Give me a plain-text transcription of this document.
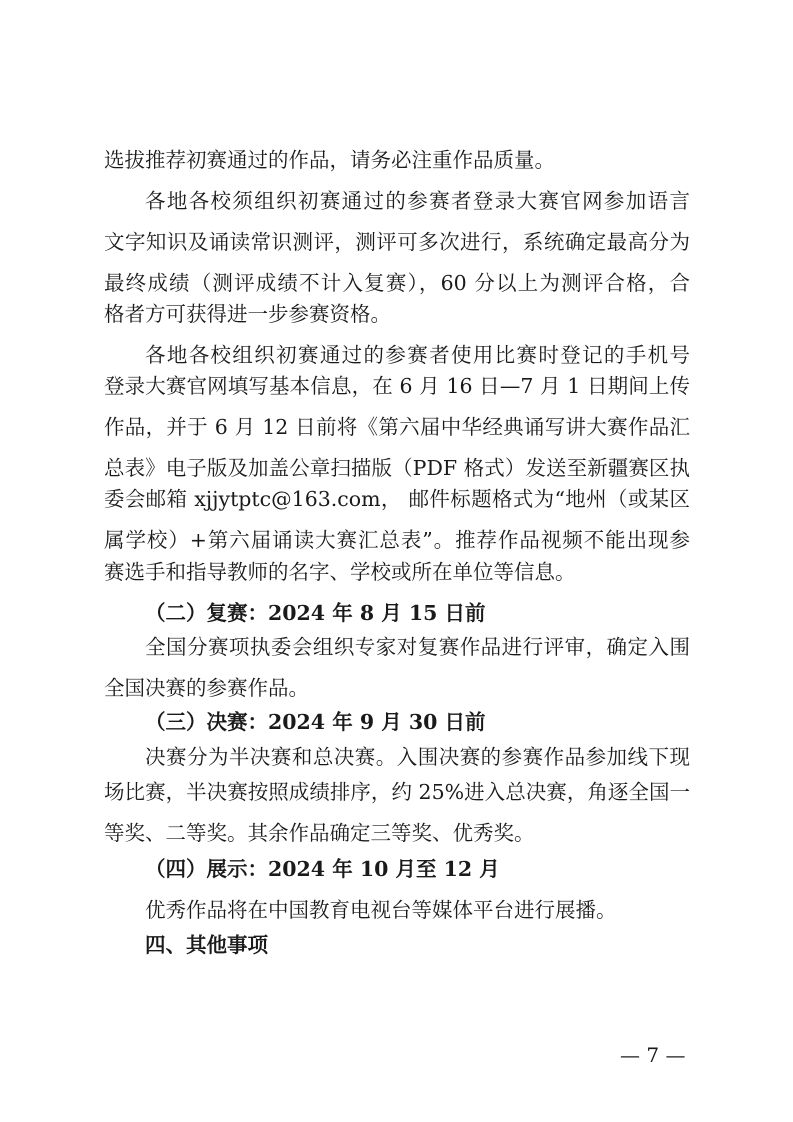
选拔推荐初赛通过的作品，请务必注重作品质量。
各地各校须组织初赛通过的参赛者登录大赛官网参加语言
文字知识及诵读常识测评，测评可多次进行，系统确定最高分为
最终成绩（测评成绩不计入复赛），60 分以上为测评合格，合
格者方可获得进一步参赛资格。
各地各校组织初赛通过的参赛者使用比赛时登记的手机号
登录大赛官网填写基本信息，在 6 月 16 日—7 月 1 日期间上传
作品，并于 6 月 12 日前将《第六届中华经典诵写讲大赛作品汇
总表》电子版及加盖公章扫描版（PDF 格式）发送至新疆赛区执
委会邮箱 xjjytptc@163.com， 邮件标题格式为“地州（或某区
属学校）+第六届诵读大赛汇总表”。推荐作品视频不能出现参
赛选手和指导教师的名字、学校或所在单位等信息。
（二）复赛：2024 年 8 月 15 日前
全国分赛项执委会组织专家对复赛作品进行评审，确定入围
全国决赛的参赛作品。
（三）决赛：2024 年 9 月 30 日前
决赛分为半决赛和总决赛。入围决赛的参赛作品参加线下现
场比赛，半决赛按照成绩排序，约 25%进入总决赛，角逐全国一
等奖、二等奖。其余作品确定三等奖、优秀奖。
（四）展示：2024 年 10 月至 12 月
优秀作品将在中国教育电视台等媒体平台进行展播。
四、其他事项
— 7 —
